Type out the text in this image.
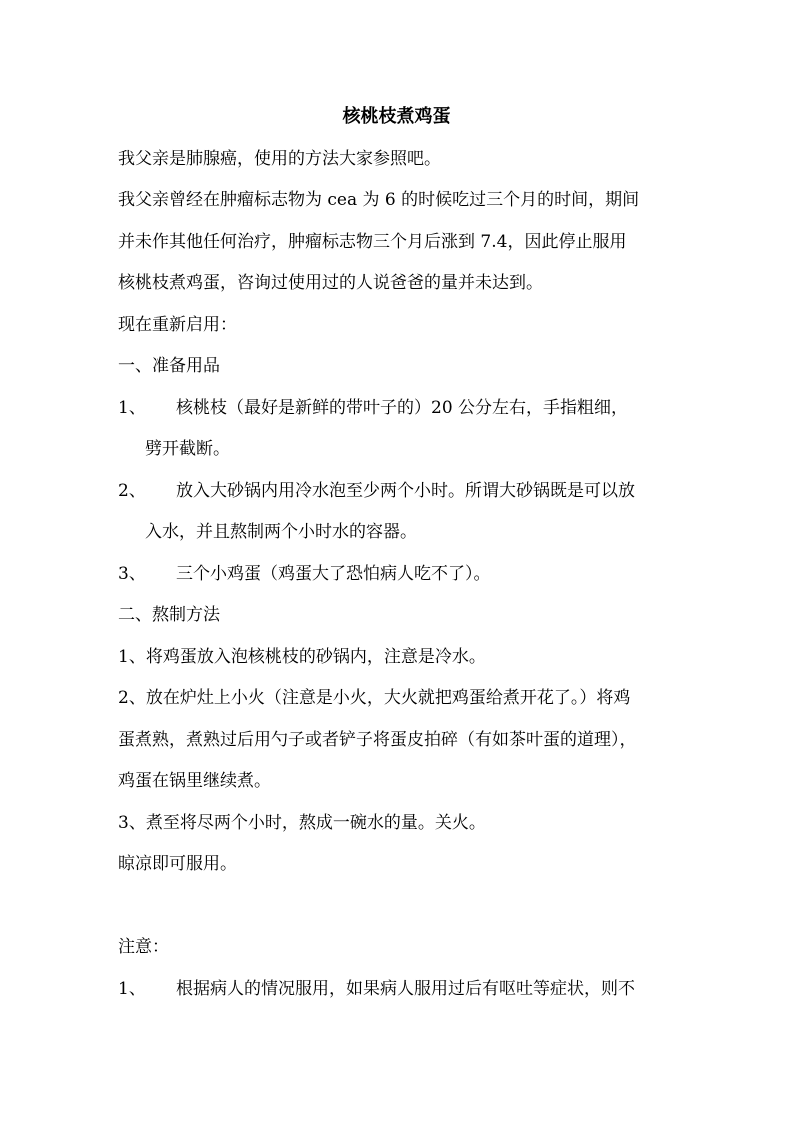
核桃枝煮鸡蛋
我父亲是肺腺癌，使用的方法大家参照吧。
我父亲曾经在肿瘤标志物为 cea 为 6 的时候吃过三个月的时间，期间
并未作其他任何治疗，肿瘤标志物三个月后涨到 7.4，因此停止服用
核桃枝煮鸡蛋，咨询过使用过的人说爸爸的量并未达到。
现在重新启用：
一、准备用品
1、 核桃枝（最好是新鲜的带叶子的）20 公分左右，手指粗细，
劈开截断。
2、 放入大砂锅内用冷水泡至少两个小时。所谓大砂锅既是可以放
入水，并且熬制两个小时水的容器。
3、 三个小鸡蛋（鸡蛋大了恐怕病人吃不了）。
二、熬制方法
1、将鸡蛋放入泡核桃枝的砂锅内，注意是冷水。
2、放在炉灶上小火（注意是小火，大火就把鸡蛋给煮开花了。）将鸡
蛋煮熟，煮熟过后用勺子或者铲子将蛋皮拍碎（有如茶叶蛋的道理），
鸡蛋在锅里继续煮。
3、煮至将尽两个小时，熬成一碗水的量。关火。
晾凉即可服用。
注意：
1、 根据病人的情况服用，如果病人服用过后有呕吐等症状，则不
